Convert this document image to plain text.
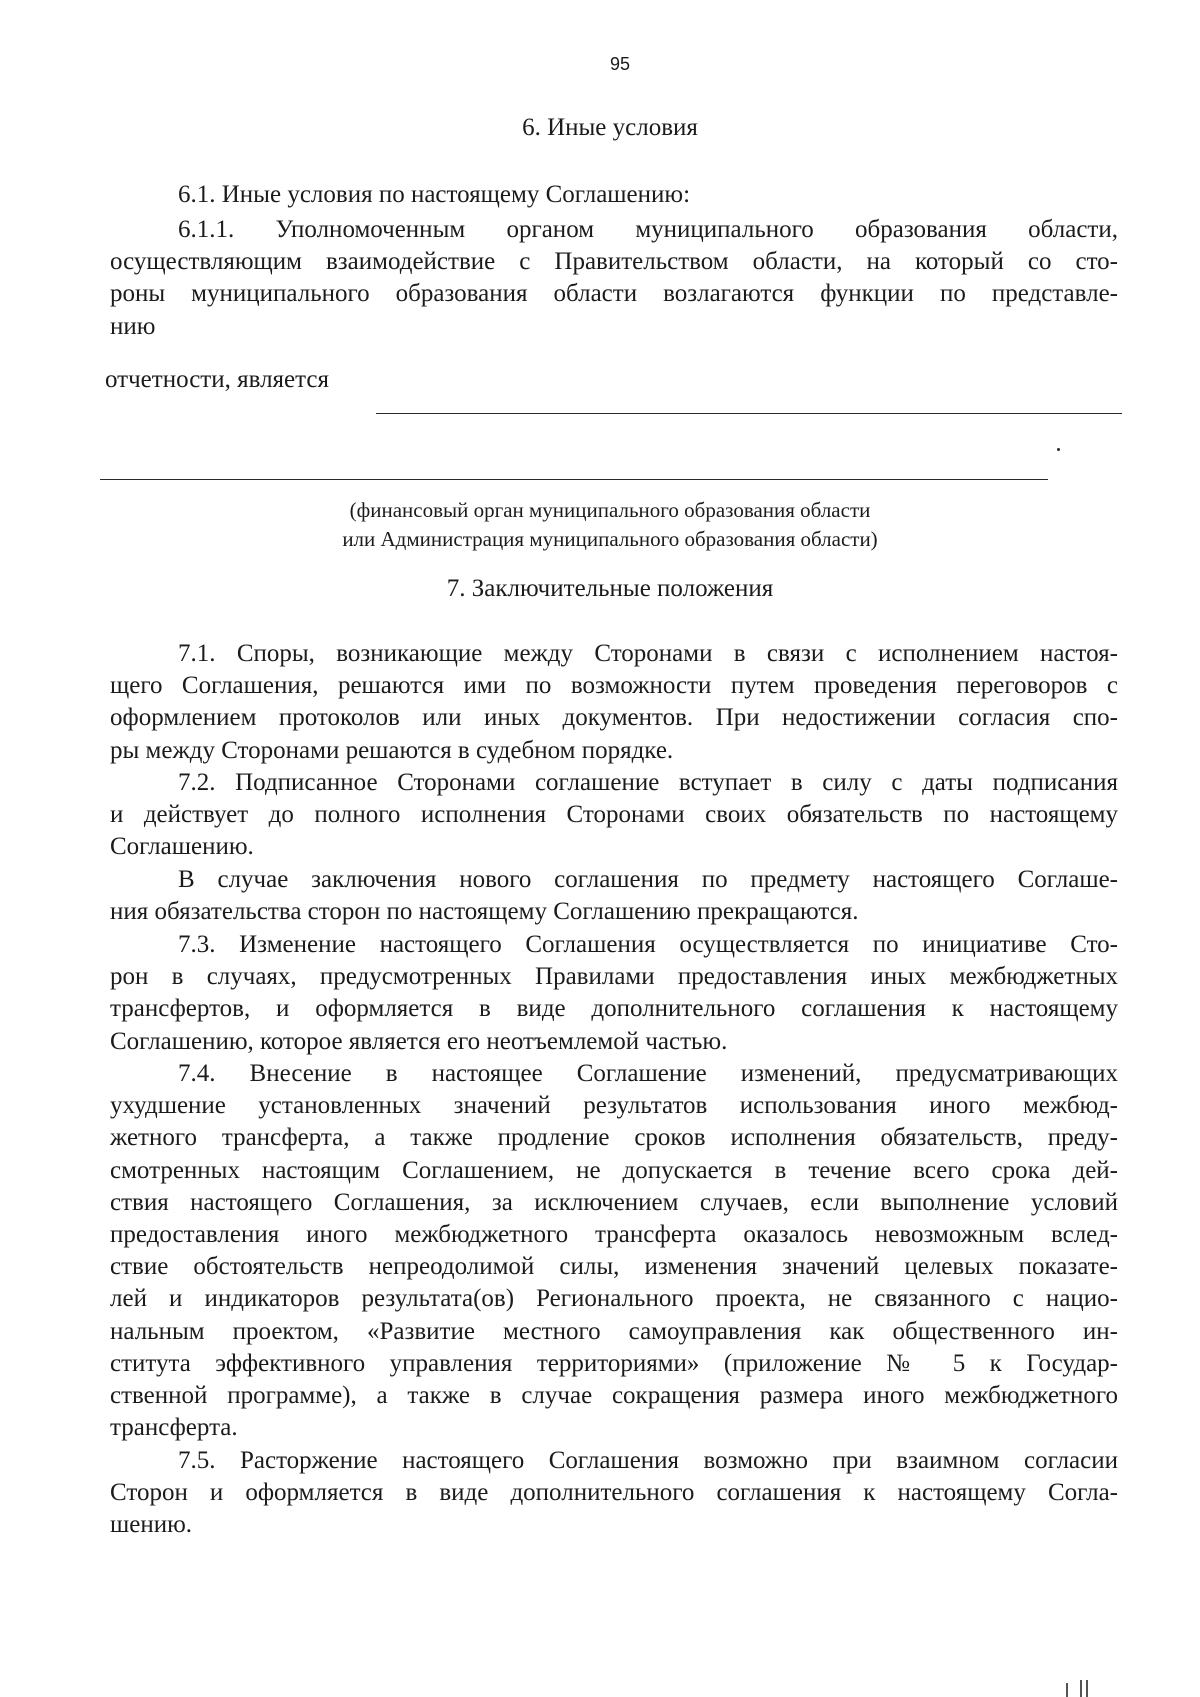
95
6. Иные условия
6.1. Иные условия по настоящему Соглашению:
6.1.1. Уполномоченным органом муниципального образования области,
осуществляющим взаимодействие с Правительством области, на который со сто-
роны муниципального образования области возлагаются функции по представле-
нию
отчетности, является
(финансовый орган муниципального образования области
или Администрация муниципального образования области)
7. Заключительные положения
7.1. Споры, возникающие между Сторонами в связи с исполнением настоя-
щего Соглашения, решаются ими по возможности путем проведения переговоров с
оформлением протоколов или иных документов. При недостижении согласия спо-
ры между Сторонами решаются в судебном порядке.
7.2. Подписанное Сторонами соглашение вступает в силу с даты подписания
и действует до полного исполнения Сторонами своих обязательств по настоящему
Соглашению.
В случае заключения нового соглашения по предмету настоящего Соглаше-
ния обязательства сторон по настоящему Соглашению прекращаются.
7.3. Изменение настоящего Соглашения осуществляется по инициативе Сто-
рон в случаях, предусмотренных Правилами предоставления иных межбюджетных
трансфертов, и оформляется в виде дополнительного соглашения к настоящему
Соглашению, которое является его неотъемлемой частью.
7.4. Внесение в настоящее Соглашение изменений, предусматривающих
ухудшение установленных значений результатов использования иного межбюд-
жетного трансферта, а также продление сроков исполнения обязательств, преду-
смотренных настоящим Соглашением, не допускается в течение всего срока дей-
ствия настоящего Соглашения, за исключением случаев, если выполнение условий
предоставления иного межбюджетного трансферта оказалось невозможным вслед-
ствие обстоятельств непреодолимой силы, изменения значений целевых показате-
лей и индикаторов результата(ов) Регионального проекта, не связанного с нацио-
нальным проектом, «Развитие местного самоуправления как общественного ин-
ститута эффективного управления территориями» (приложение № 5 к Государ-
ственной программе), а также в случае сокращения размера иного межбюджетного
трансферта.
7.5. Расторжение настоящего Соглашения возможно при взаимном согласии
Сторон и оформляется в виде дополнительного соглашения к настоящему Согла-
шению.
